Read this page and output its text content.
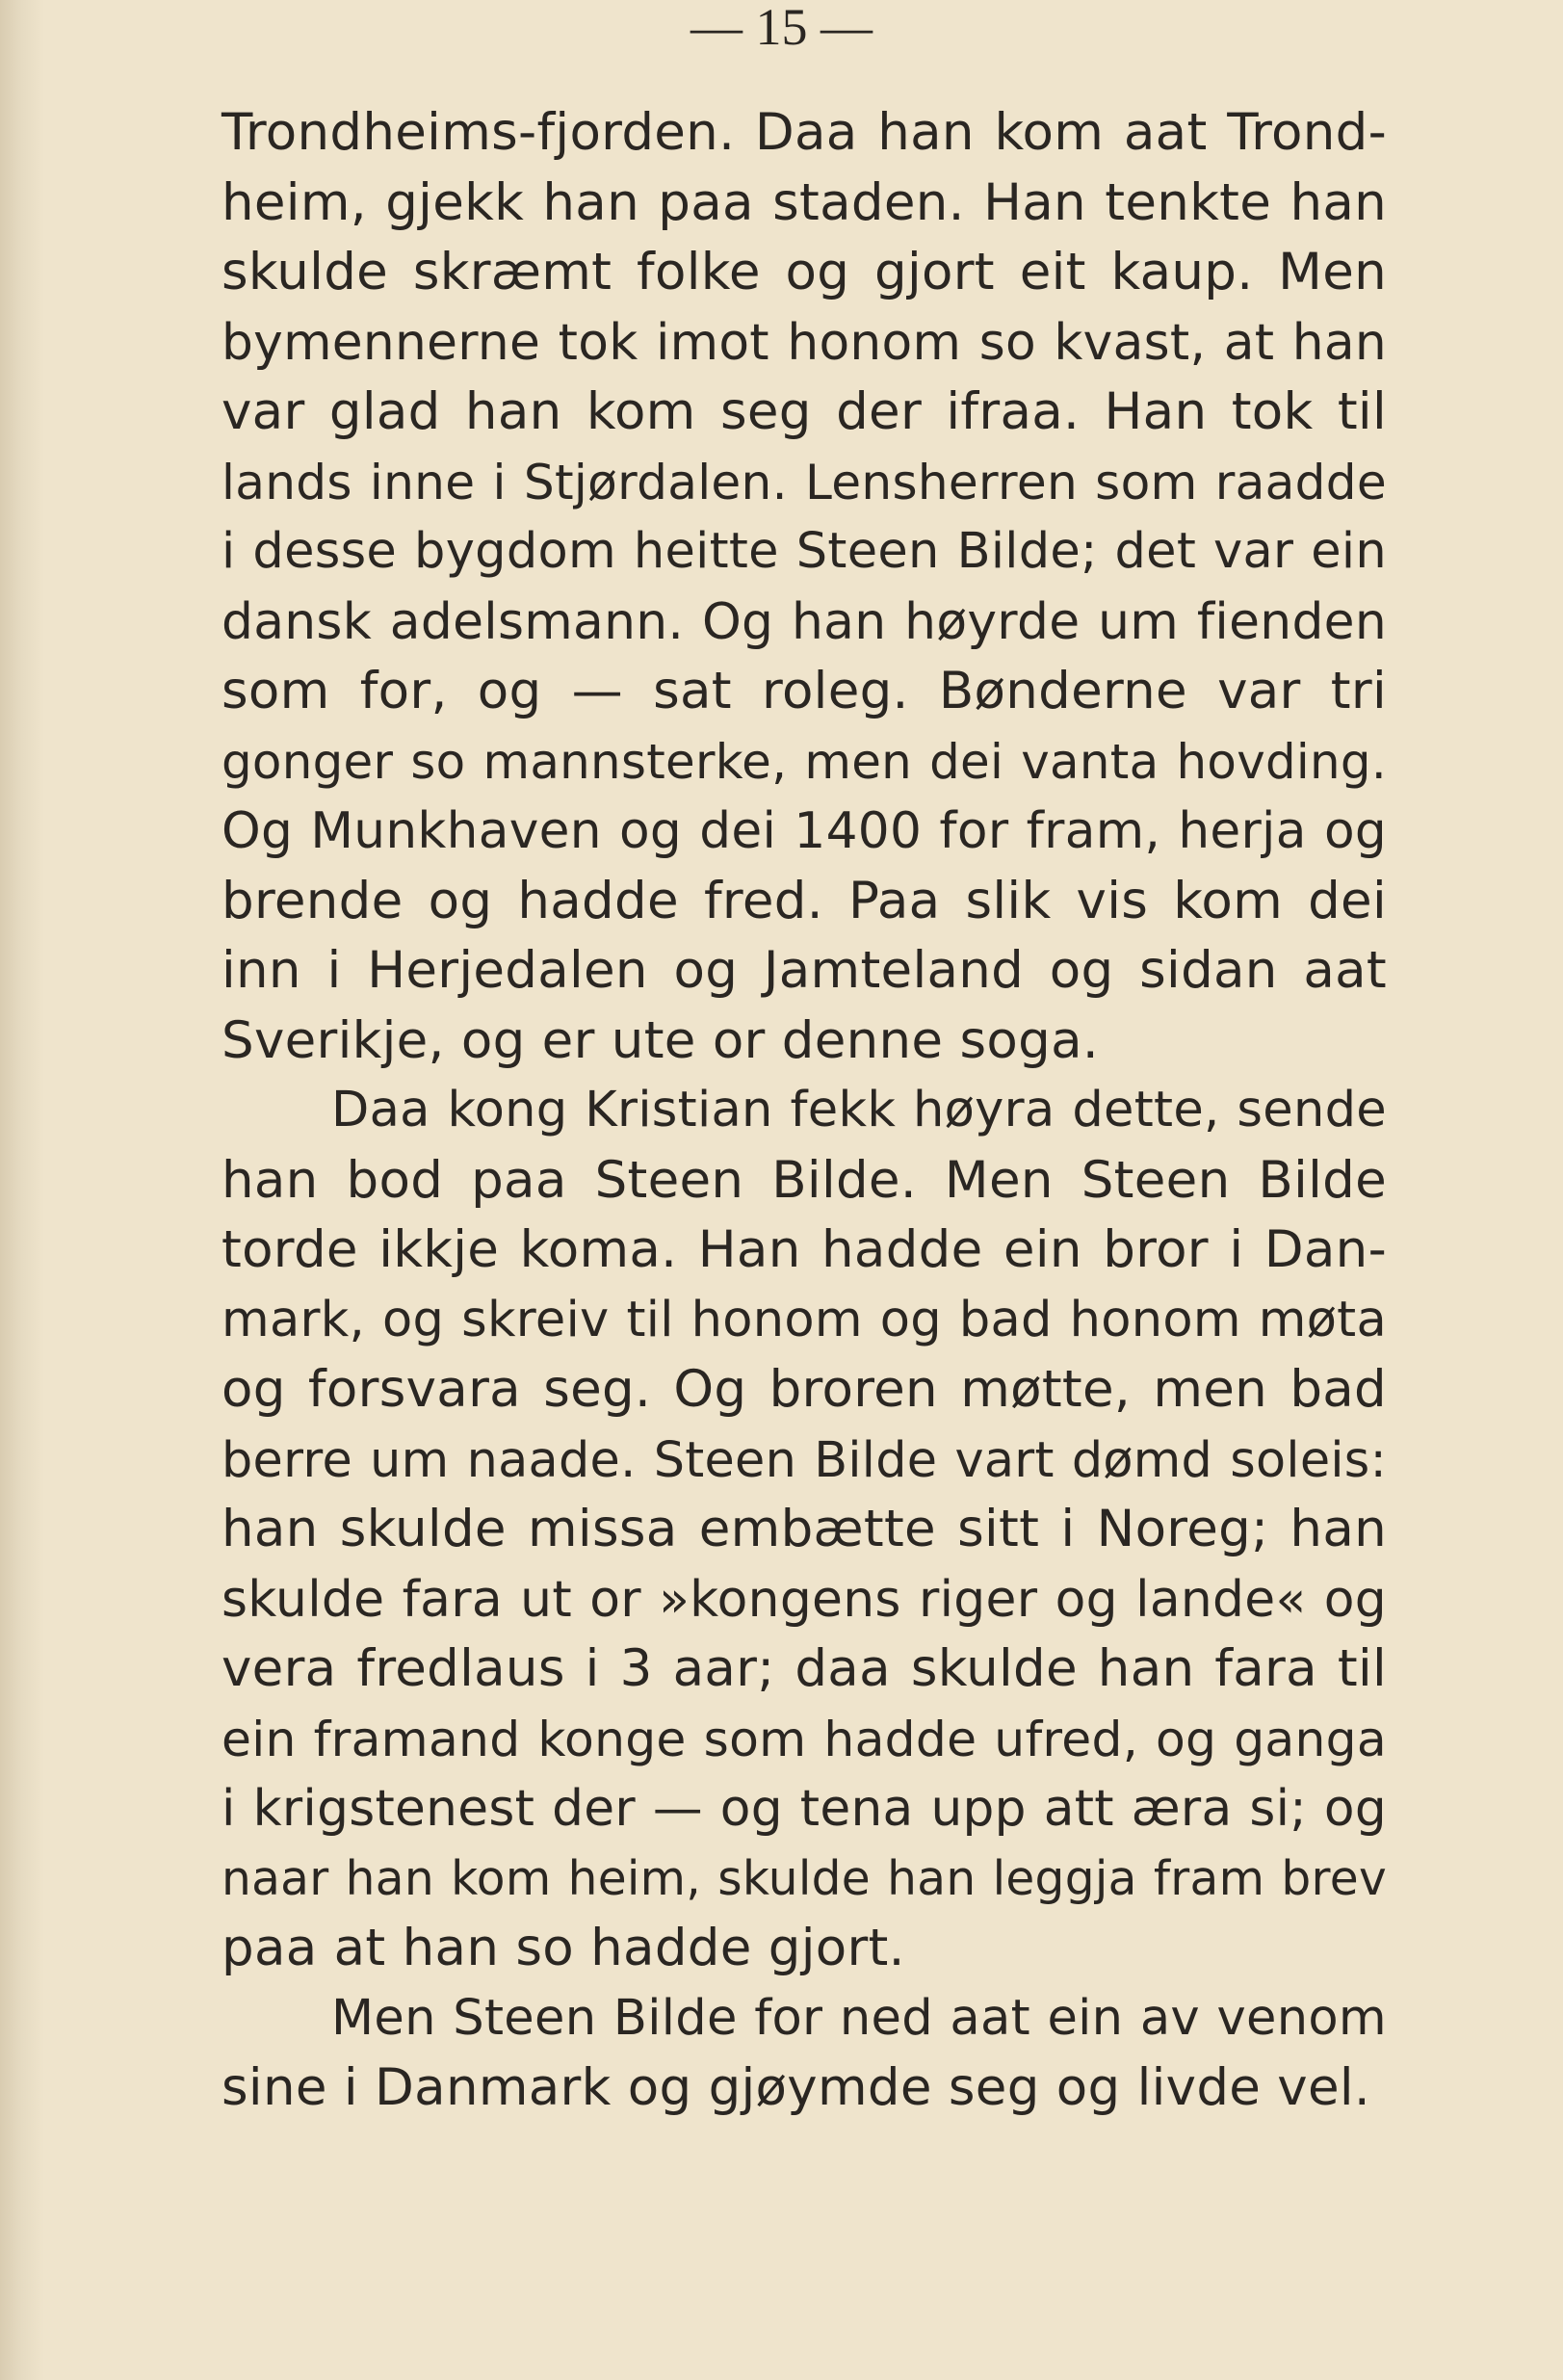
— 15 —
Trondheims-fjorden. Daa han kom aat Trond-
heim, gjekk han paa staden. Han tenkte han
skulde skræmt folke og gjort eit kaup. Men
bymennerne tok imot honom so kvast, at han
var glad han kom seg der ifraa. Han tok til
lands inne i Stjørdalen. Lensherren som raadde
i desse bygdom heitte Steen Bilde; det var ein
dansk adelsmann. Og han høyrde um fienden
som for, og — sat roleg. Bønderne var tri
gonger so mannsterke, men dei vanta hovding.
Og Munkhaven og dei 1400 for fram, herja og
brende og hadde fred. Paa slik vis kom dei
inn i Herjedalen og Jamteland og sidan aat
Sverikje, og er ute or denne soga.
Daa kong Kristian fekk høyra dette, sende
han bod paa Steen Bilde. Men Steen Bilde
torde ikkje koma. Han hadde ein bror i Dan-
mark, og skreiv til honom og bad honom møta
og forsvara seg. Og broren møtte, men bad
berre um naade. Steen Bilde vart dømd soleis:
han skulde missa embætte sitt i Noreg; han
skulde fara ut or »kongens riger og lande« og
vera fredlaus i 3 aar; daa skulde han fara til
ein framand konge som hadde ufred, og ganga
i krigstenest der — og tena upp att æra si; og
naar han kom heim, skulde han leggja fram brev
paa at han so hadde gjort.
Men Steen Bilde for ned aat ein av venom
sine i Danmark og gjøymde seg og livde vel.
